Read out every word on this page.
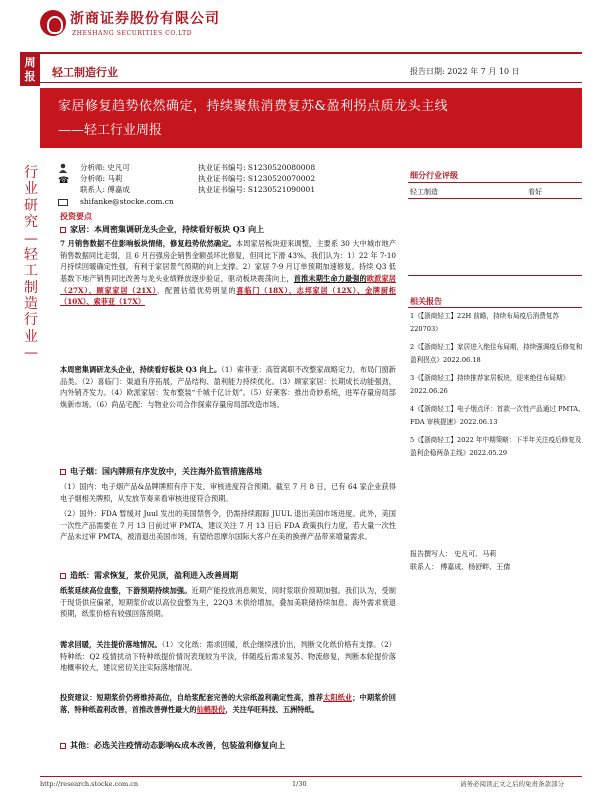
浙商证券股份有限公司
ZHESHANG SECURITIES CO.LTD
周报	轻工制造行业	报告日期: 2022 年 7 月 10 日
家居修复趋势依然确定，持续聚焦消费复苏&盈利拐点质龙头主线
——轻工行业周报
行业研究—轻工制造行业—
☎
分析师: 史凡可	执业证书编号: S1230520080008
分析师: 马莉	执业证书编号: S1230520070002
联系人: 傅嘉成	执业证书编号: S1230521090001
shifanke@stocke.com.cn
投资要点
家居：本周密集调研龙头企业，持续看好板块 Q3 向上
7 月销售数据不住影响板块情绪，修复趋势依然确定。本周家居板块迎来调整，主要系 30 大中城市地产销售数据同比走弱，且 6 月百强房企销售金额虽环比修复，但同比下滑 43%。我们认为：1）22 年 7-10 月持续回暖确定性强，有利于家居景气预期的向上支撑。2）家居 7-9 月订单预期加速修复。持续 Q3 低基数下地产销售同比改善与龙头业绩释放逐步验证，驱动板块震荡向上，首推未期生命力最强的欧派家居（27X）、顾家家居（21X），配置估值优势明显的喜临门（18X）、志邦家居（12X）、金牌厨柜（10X）、索菲亚（17X）
本周密集调研龙头企业，持续看好板块 Q3 向上。（1）索菲亚：高管离职不改整家战略定力，布局门窗新品类。（2）喜临门：渠道有序拓展，产品结构、盈利能力持续优化。（3）顾家家居：长期成长动能强劲，内外销齐发力。（4）欧派家居：发布整装“千城千亿计划”。（5）好莱客：推出奇妙系统，进军存量房局部焕新市场。（6）尚品宅配：与物业公司合作探索存量房局部改造市场。
电子烟：国内牌照有序发放中，关注海外监管措施落地
（1）国内：电子烟产品&品牌牌照有序下发，审核进度符合预期。截至 7 月 8 日，已有 64 家企业获得电子烟相关牌照，从发放节奏来看审核进度符合预期。
（2）国外：FDA 暂缓对 Juul 发出的美国禁售令，仍需持续跟踪 JUUL 退出美国市场进度。此外，美国一次性产品需要在 7 月 13 日前过审 PMTA，建议关注 7 月 13 日后 FDA 政策执行力度，若大量一次性产品未过审 PMTA，被清退出美国市场，有望给思摩尔国际大客户在美的换弹产品带来增量需求。
造纸：需求恢复，浆价见顶，盈利进入改善周期
纸浆延续高位盘整，下游预期持续加强。近期产能投放消息频发，同时浆联价预期加强。我们认为，受制于现货供应偏紧，短期浆价或以高位盘整为主，22Q3 木供给增加，叠加美联储持续加息、海外需求衰退预期，纸浆价格有较强回落预期。
需求回暖，关注提价落地情况。（1）文化纸：需求回暖，纸企继续涨价出，判断文化纸价格有支撑。（2）特种纸：Q2 疫情扰动下特种纸提价情况表现较为平淡，伴随疫后需求复苏、物流修复，判断本轮提价落地概率较大，建议密切关注实际落地情况。
投资建议：短期浆价仍将维持高位，自给浆配套完善的大宗纸盈利确定性高，推荐太阳纸业；中期浆价回落，特种纸盈利改善，首推改善弹性最大的仙鹤股份，关注华旺科技、五洲特纸。
其他：必选关注疫情动态影响&成本改善，包装盈利修复向上
细分行业评级
轻工制造	看好
相关报告
1《【浙商轻工】22H 前瞻，持续布局疫后消费复苏 220703》
2《【浙商轻工】家居进入绝佳布局期，持续强调疫后修复和盈利拐点》2022.06.18
3《【浙商轻工】持续推荐家居板块，迎来绝佳布局期》2022.06.26
4《【浙商轻工】电子烟点评：首款一次性产品通过 PMTA、FDA 审核提速》2022.06.13
5《【浙商轻工】2022 年中期策略：下半年关注疫后修复及盈利企稳两条主线》2022.05.29
报告撰写人： 史凡可、马莉
联系人： 傅嘉成、杨舒畔、王倩
http://research.stocke.com.cn	1/30	请务必阅读正文之后的免责条款部分
